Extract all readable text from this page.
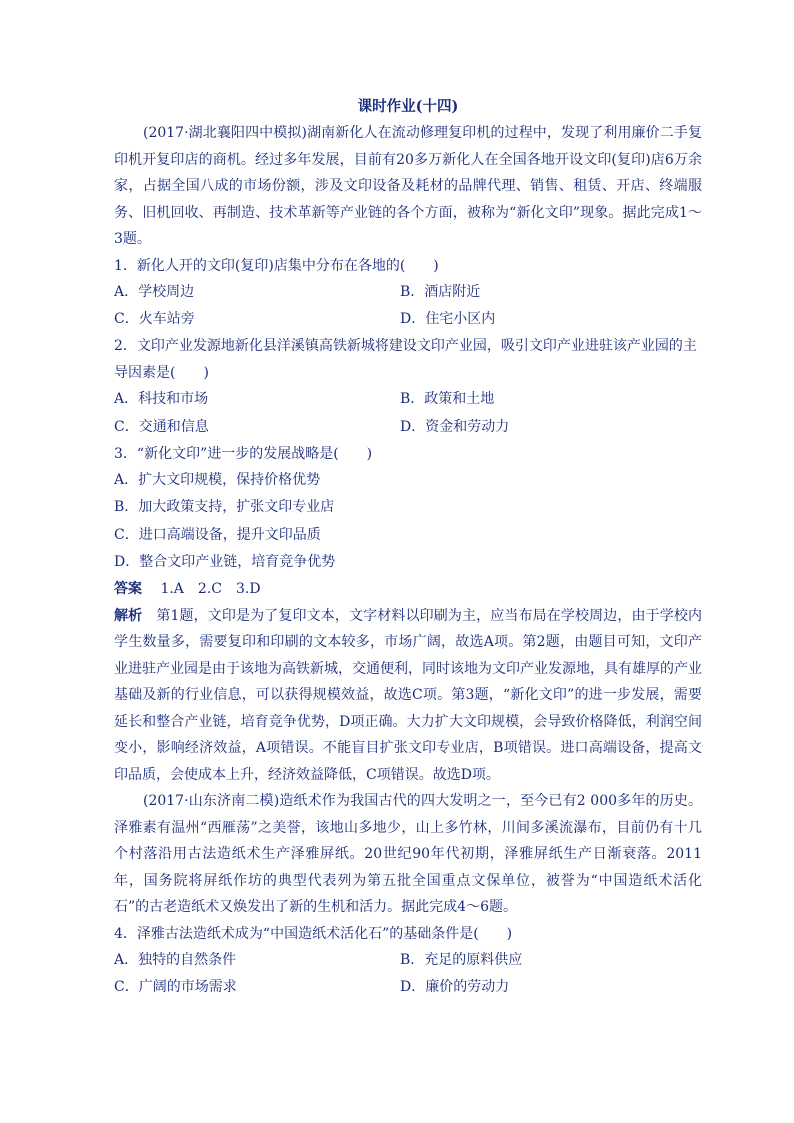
课时作业(十四)

(2017·湖北襄阳四中模拟)湖南新化人在流动修理复印机的过程中，发现了利用廉价二手复印机开复印店的商机。经过多年发展，目前有20多万新化人在全国各地开设文印(复印)店6万余家，占据全国八成的市场份额，涉及文印设备及耗材的品牌代理、销售、租赁、开店、终端服务、旧机回收、再制造、技术革新等产业链的各个方面，被称为“新化文印”现象。据此完成1～3题。

1．新化人开的文印(复印)店集中分布在各地的(　　)

A．学校周边	B．酒店附近
C．火车站旁	D．住宅小区内

2．文印产业发源地新化县洋溪镇高铁新城将建设文印产业园，吸引文印产业进驻该产业园的主导因素是(　　)

A．科技和市场	B．政策和土地
C．交通和信息	D．资金和劳动力

3．“新化文印”进一步的发展战略是(　　)

A．扩大文印规模，保持价格优势
B．加大政策支持，扩张文印专业店
C．进口高端设备，提升文印品质
D．整合文印产业链，培育竞争优势

答案　 1.A　2.C　3.D

解析　 第1题，文印是为了复印文本，文字材料以印刷为主，应当布局在学校周边，由于学校内学生数量多，需要复印和印刷的文本较多，市场广阔，故选A项。第2题，由题目可知，文印产业进驻产业园是由于该地为高铁新城，交通便利，同时该地为文印产业发源地，具有雄厚的产业基础及新的行业信息，可以获得规模效益，故选C项。第3题，“新化文印”的进一步发展，需要延长和整合产业链，培育竞争优势，D项正确。大力扩大文印规模，会导致价格降低，利润空间变小，影响经济效益，A项错误。不能盲目扩张文印专业店，B项错误。进口高端设备，提高文印品质，会使成本上升，经济效益降低，C项错误。故选D项。

(2017·山东济南二模)造纸术作为我国古代的四大发明之一，至今已有2 000多年的历史。泽雅素有温州“西雁荡”之美誉，该地山多地少，山上多竹林，川间多溪流瀑布，目前仍有十几个村落沿用古法造纸术生产泽雅屏纸。20世纪90年代初期，泽雅屏纸生产日渐衰落。2011年，国务院将屏纸作坊的典型代表列为第五批全国重点文保单位，被誉为“中国造纸术活化石”的古老造纸术又焕发出了新的生机和活力。据此完成4～6题。

4．泽雅古法造纸术成为“中国造纸术活化石”的基础条件是(　　)

A．独特的自然条件	B．充足的原料供应
C．广阔的市场需求	D．廉价的劳动力
